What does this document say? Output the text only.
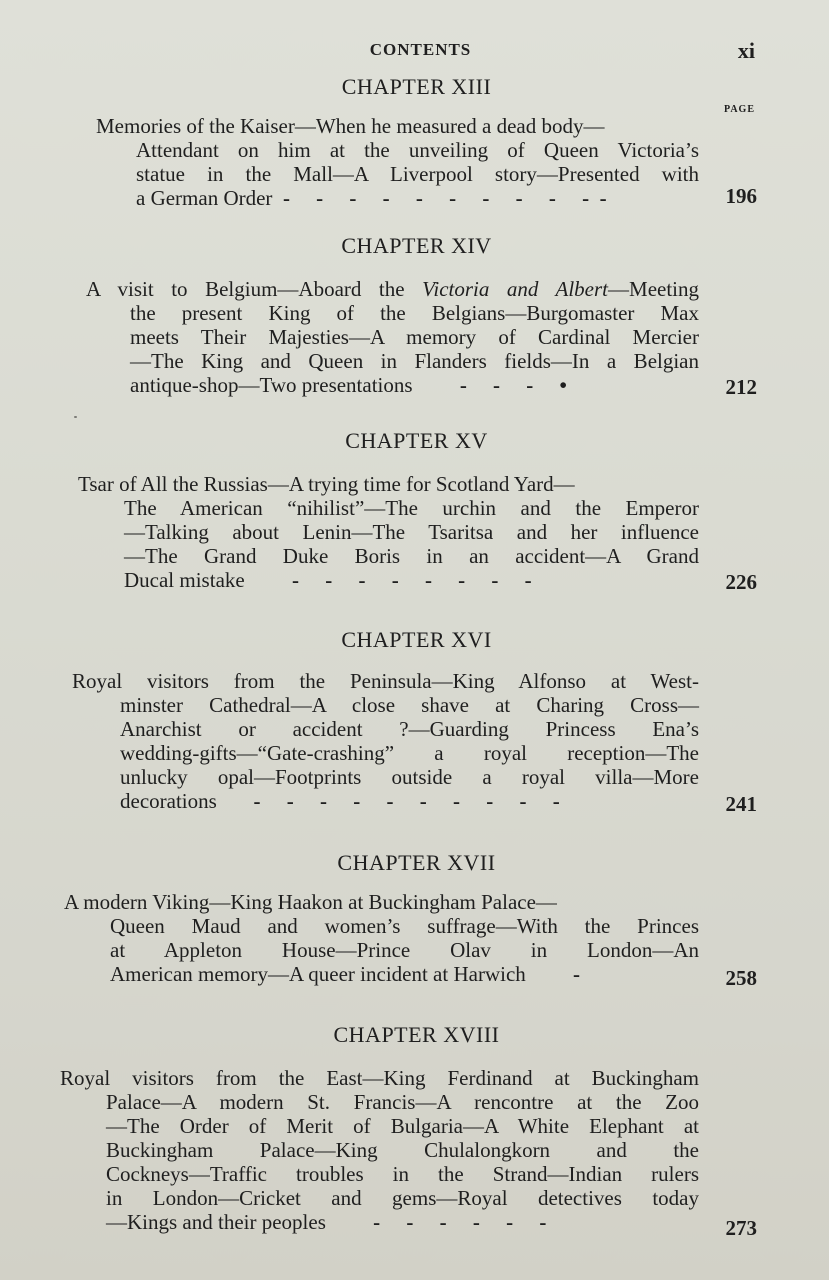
CONTENTS	xi
PAGE
CHAPTER XIII
Memories of the Kaiser—When he measured a dead body—
Attendant on him at the unveiling of Queen Victoria’s
statue in the Mall—A Liverpool story—Presented with
a German Order  -     -     -     -     -     -     -     -     -     -  -	196
CHAPTER XIV
A visit to Belgium—Aboard the Victoria and Albert—Meeting
the present King of the Belgians—Burgomaster Max
meets Their Majesties—A memory of Cardinal Mercier
—The King and Queen in Flanders fields—In a Belgian
antique-shop—Two presentations         -     -     -     •	212
CHAPTER XV
Tsar of All the Russias—A trying time for Scotland Yard—
The American “nihilist”—The urchin and the Emperor
—Talking about Lenin—The Tsaritsa and her influence
—The Grand Duke Boris in an accident—A Grand
Ducal mistake         -     -     -     -     -     -     -     -	226
CHAPTER XVI
Royal visitors from the Peninsula—King Alfonso at West-
minster Cathedral—A close shave at Charing Cross—
Anarchist or accident ?—Guarding Princess Ena’s
wedding-gifts—“Gate-crashing” a royal reception—The
unlucky opal—Footprints outside a royal villa—More
decorations       -     -     -     -     -     -     -     -     -     -	241
CHAPTER XVII
A modern Viking—King Haakon at Buckingham Palace—
Queen Maud and women’s suffrage—With the Princes
at Appleton House—Prince Olav in London—An
American memory—A queer incident at Harwich         -	258
CHAPTER XVIII
Royal visitors from the East—King Ferdinand at Buckingham
Palace—A modern St. Francis—A rencontre at the Zoo
—The Order of Merit of Bulgaria—A White Elephant at
Buckingham Palace—King Chulalongkorn and the
Cockneys—Traffic troubles in the Strand—Indian rulers
in London—Cricket and gems—Royal detectives today
—Kings and their peoples         -     -     -     -     -     -	273
